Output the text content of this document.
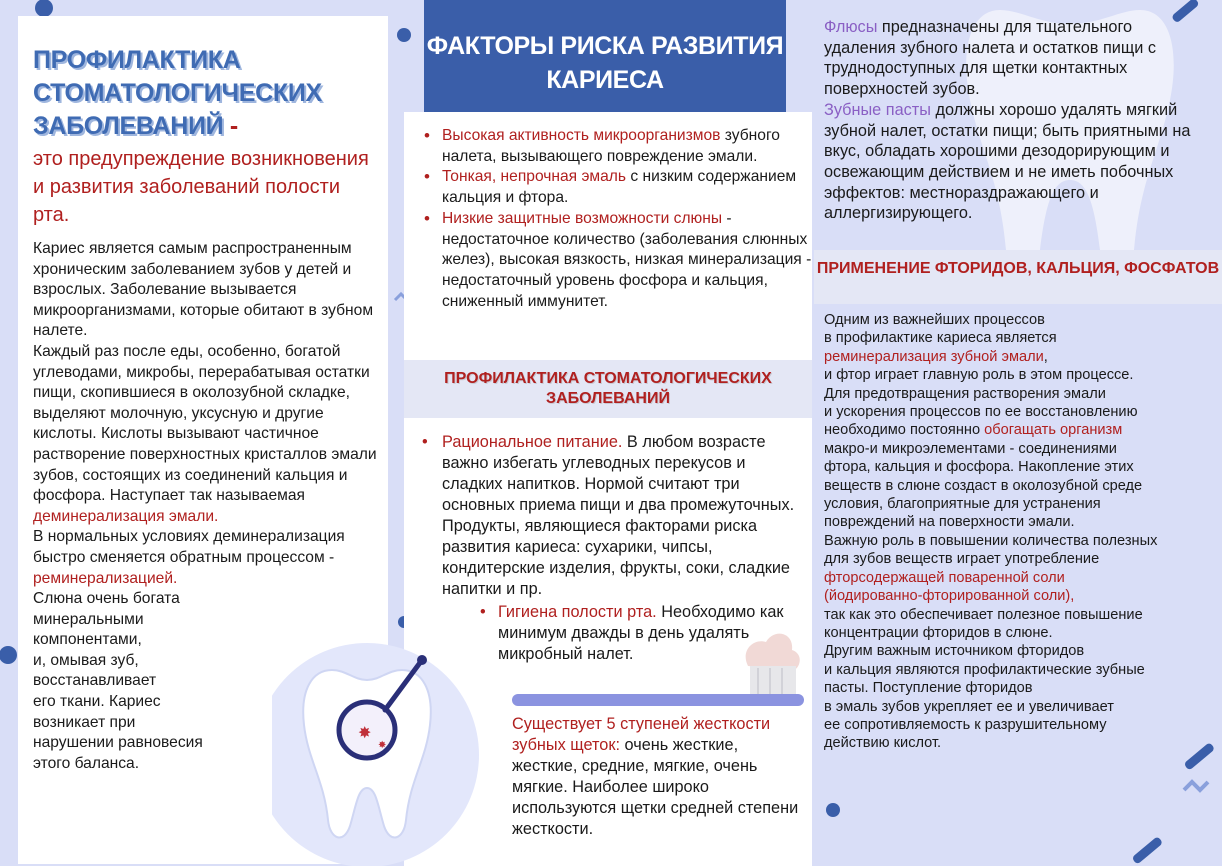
ПРОФИЛАКТИКА
СТОМАТОЛОГИЧЕСКИХ
ЗАБОЛЕВАНИЙ -
это предупреждение возникновения и развития заболеваний полости рта.
Кариес является самым распространенным хроническим заболеванием зубов у детей и взрослых. Заболевание вызывается микроорганизмами, которые обитают в зубном налете.
Каждый раз после еды, особенно, богатой углеводами, микробы, перерабатывая остатки пищи, скопившиеся в околозубной складке, выделяют молочную, уксусную и другие кислоты. Кислоты вызывают частичное растворение поверхностных кристаллов эмали зубов, состоящих из соединений кальция и фосфора. Наступает так называемая деминерализация эмали.
В нормальных условиях деминерализация быстро сменяется обратным процессом - реминерализацией.
Слюна очень богата
минеральными
компонентами,
и, омывая зуб,
восстанавливает
его ткани. Кариес
возникает при
нарушении равновесия
этого баланса.
ФАКТОРЫ РИСКА РАЗВИТИЯ КАРИЕСА
• Высокая активность микроорганизмов зубного налета, вызывающего повреждение эмали.
• Тонкая, непрочная эмаль с низким содержанием кальция и фтора.
• Низкие защитные возможности слюны - недостаточное количество (заболевания слюнных желез), высокая вязкость, низкая минерализация - недостаточный уровень фосфора и кальция, сниженный иммунитет.
ПРОФИЛАКТИКА СТОМАТОЛОГИЧЕСКИХ ЗАБОЛЕВАНИЙ
✸
✸
• Рациональное питание. В любом возрасте важно избегать углеводных перекусов и сладких напитков. Нормой считают три основных приема пищи и два промежуточных. Продукты, являющиеся факторами риска развития кариеса: сухарики, чипсы, кондитерские изделия, фрукты, соки, сладкие напитки и пр.
• Гигиена полости рта. Необходимо как минимум дважды в день удалять микробный налет.
Существует 5 ступеней жесткости зубных щеток: очень жесткие, жесткие, средние, мягкие, очень мягкие. Наиболее широко используются щетки средней степени жесткости.
Флюсы предназначены для тщательного удаления зубного налета и остатков пищи с труднодоступных для щетки контактных поверхностей зубов.
Зубные пасты должны хорошо удалять мягкий зубной налет, остатки пищи; быть приятными на вкус, обладать хорошими дезодорирующим и освежающим действием и не иметь побочных эффектов: местнораздражающего и аллергизирующего.
ПРИМЕНЕНИЕ ФТОРИДОВ, КАЛЬЦИЯ, ФОСФАТОВ
Одним из важнейших процессов
в профилактике кариеса является
реминерализация зубной эмали,
и фтор играет главную роль в этом процессе.
Для предотвращения растворения эмали
и ускорения процессов по ее восстановлению
необходимо постоянно обогащать организм
макро-и микроэлементами - соединениями
фтора, кальция и фосфора. Накопление этих
веществ в слюне создаст в околозубной среде
условия, благоприятные для устранения
повреждений на поверхности эмали.
Важную роль в повышении количества полезных
для зубов веществ играет употребление
фторсодержащей поваренной соли
(йодированно-фторированной соли),
так как это обеспечивает полезное повышение
концентрации фторидов в слюне.
Другим важным источником фторидов
и кальция являются профилактические зубные
пасты. Поступление фторидов
в эмаль зубов укрепляет ее и увеличивает
ее сопротивляемость к разрушительному
действию кислот.
